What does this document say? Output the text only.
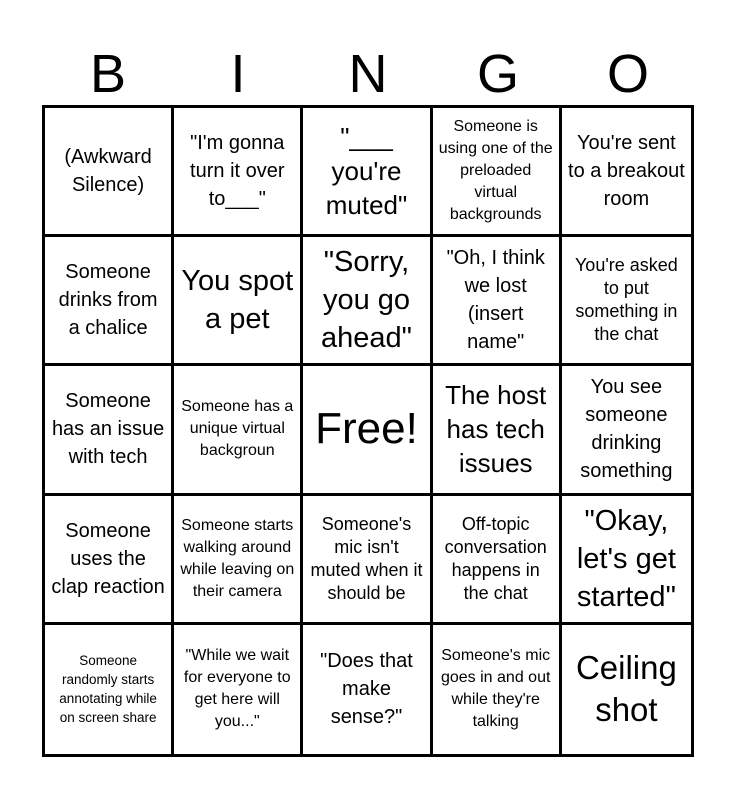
B	I	N	G	O
(Awkward Silence)
"I'm gonna turn it over to___"
"___ you're muted"
Someone is using one of the preloaded virtual backgrounds
You're sent to a breakout room
Someone drinks from a chalice
You spot a pet
"Sorry, you go ahead"
"Oh, I think we lost (insert name"
You're asked to put something in the chat
Someone has an issue with tech
Someone has a unique virtual backgroun Free!
The host has tech issues
You see someone drinking something
Someone uses the clap reaction
Someone starts walking around while leaving on their camera
Someone's mic isn't muted when it should be
Off-topic conversation happens in the chat
"Okay, let's get started"
Someone randomly starts annotating while on screen share
"While we wait for everyone to get here will you..."
"Does that make sense?"
Someone's mic goes in and out while they're talking
Ceiling shot
